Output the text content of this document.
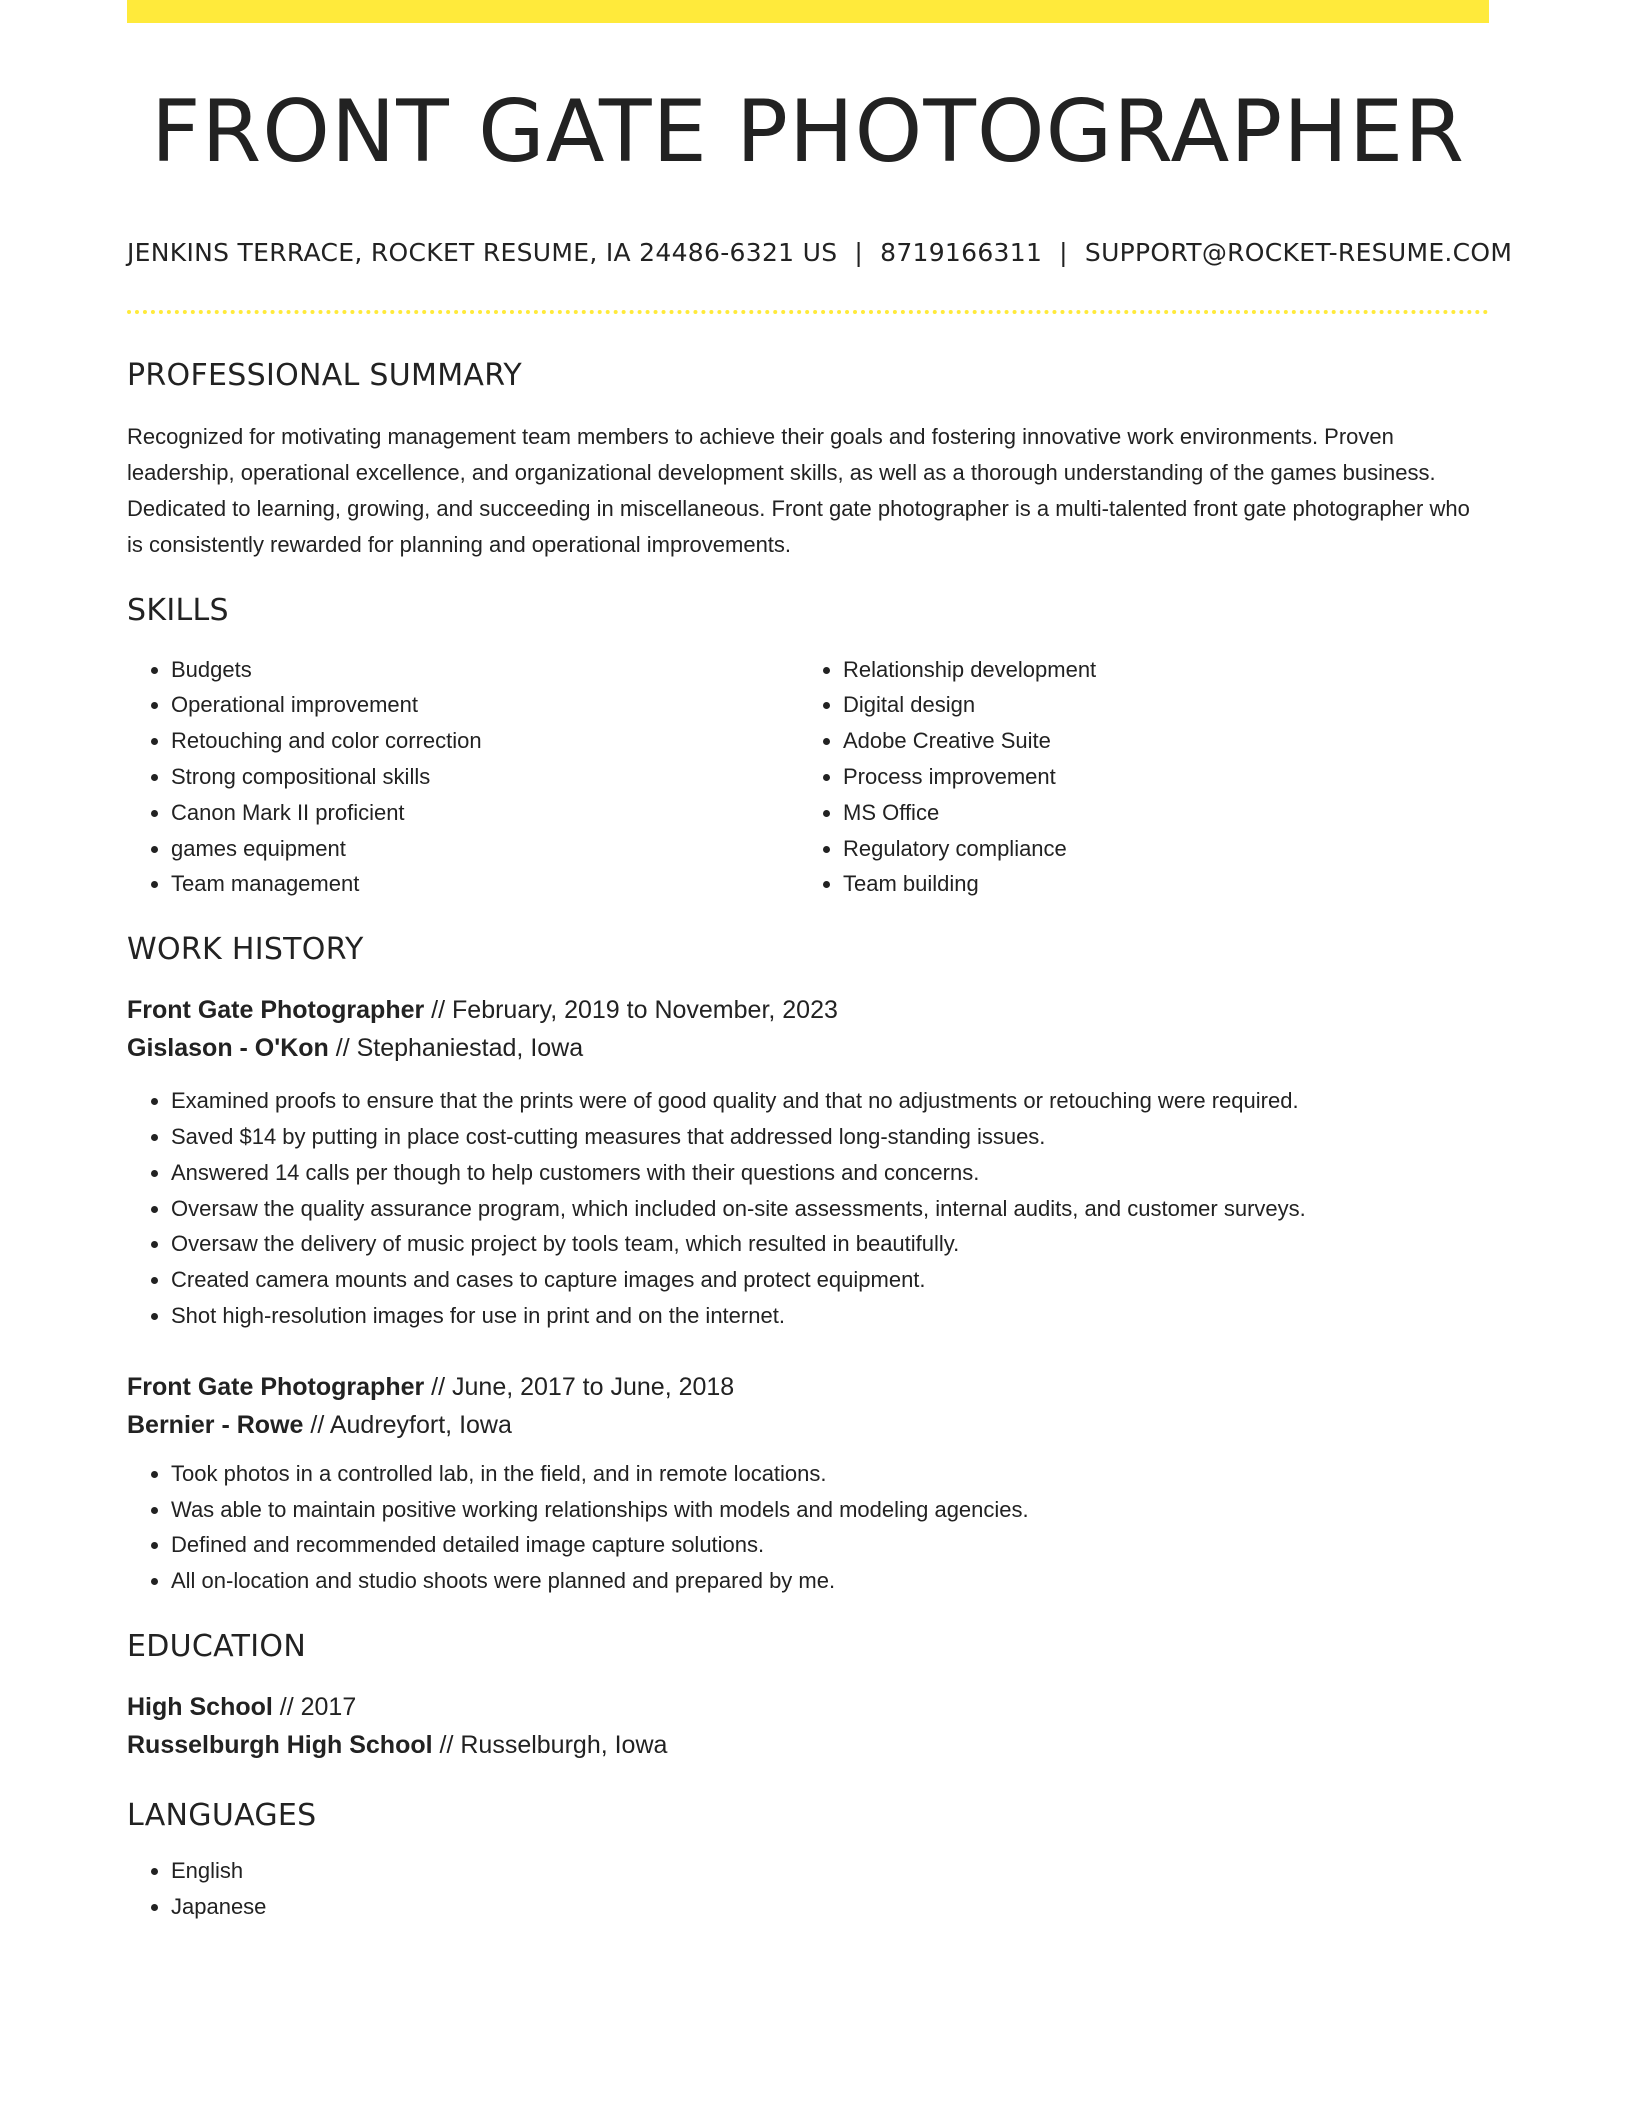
FRONT GATE PHOTOGRAPHER
JENKINS TERRACE, ROCKET RESUME, IA 24486-6321 US | 8719166311 | SUPPORT@ROCKET-RESUME.COM
PROFESSIONAL SUMMARY

Recognized for motivating management team members to achieve their goals and fostering innovative work environments. Proven leadership, operational excellence, and organizational development skills, as well as a thorough understanding of the games business. Dedicated to learning, growing, and succeeding in miscellaneous. Front gate photographer is a multi-talented front gate photographer who is consistently rewarded for planning and operational improvements.

SKILLS
• Budgets
• Operational improvement
• Retouching and color correction
• Strong compositional skills
• Canon Mark II proficient
• games equipment
• Team management
• Relationship development
• Digital design
• Adobe Creative Suite
• Process improvement
• MS Office
• Regulatory compliance
• Team building
WORK HISTORY
Front Gate Photographer // February, 2019 to November, 2023
Gislason - O'Kon // Stephaniestad, Iowa
• Examined proofs to ensure that the prints were of good quality and that no adjustments or retouching were required.
• Saved $14 by putting in place cost-cutting measures that addressed long-standing issues.
• Answered 14 calls per though to help customers with their questions and concerns.
• Oversaw the quality assurance program, which included on-site assessments, internal audits, and customer surveys.
• Oversaw the delivery of music project by tools team, which resulted in beautifully.
• Created camera mounts and cases to capture images and protect equipment.
• Shot high-resolution images for use in print and on the internet.
Front Gate Photographer // June, 2017 to June, 2018
Bernier - Rowe // Audreyfort, Iowa
• Took photos in a controlled lab, in the field, and in remote locations.
• Was able to maintain positive working relationships with models and modeling agencies.
• Defined and recommended detailed image capture solutions.
• All on-location and studio shoots were planned and prepared by me.
EDUCATION
High School // 2017
Russelburgh High School // Russelburgh, Iowa
LANGUAGES
• English
• Japanese
